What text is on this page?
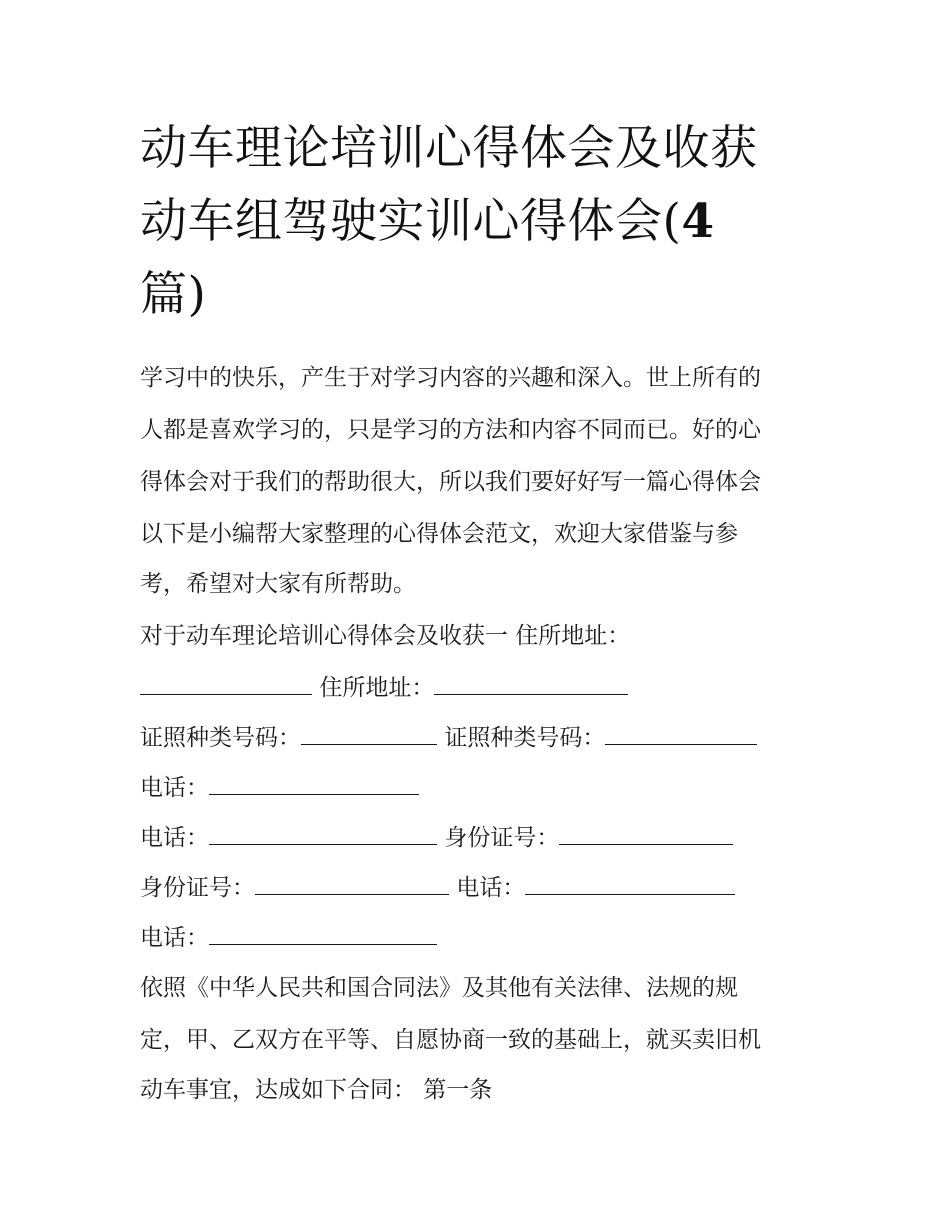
动车理论培训心得体会及收获
动车组驾驶实训心得体会(4
篇)
学习中的快乐，产生于对学习内容的兴趣和深入。世上所有的
人都是喜欢学习的，只是学习的方法和内容不同而已。好的心
得体会对于我们的帮助很大，所以我们要好好写一篇心得体会
以下是小编帮大家整理的心得体会范文，欢迎大家借鉴与参
考，希望对大家有所帮助。
对于动车理论培训心得体会及收获一 住所地址：
住所地址：
证照种类号码：	证照种类号码：
电话：
电话：	身份证号：
身份证号：	电话：
电话：
依照《中华人民共和国合同法》及其他有关法律、法规的规
定，甲、乙双方在平等、自愿协商一致的基础上，就买卖旧机
动车事宜，达成如下合同： 第一条
